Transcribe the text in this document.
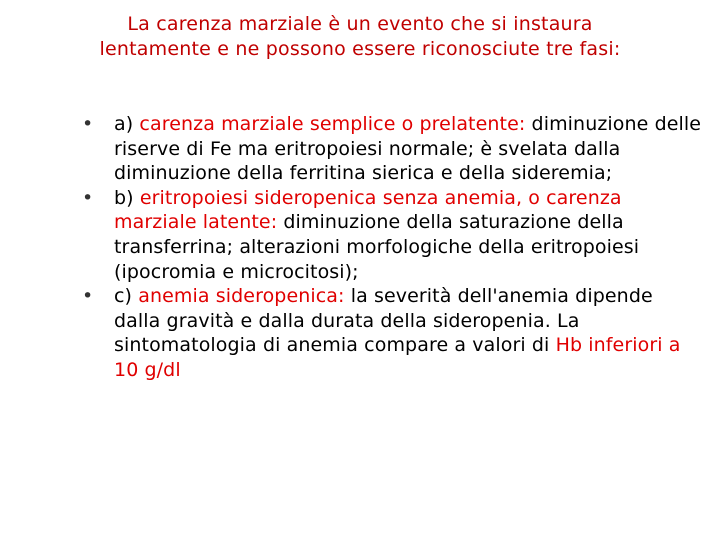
La carenza marziale è un evento che si instaura
lentamente e ne possono essere riconosciute tre fasi:
• a) carenza marziale semplice o prelatente: diminuzione delle riserve di Fe ma eritropoiesi normale; è svelata dalla diminuzione della ferritina sierica e della sideremia;
• b) eritropoiesi sideropenica senza anemia, o carenza marziale latente: diminuzione della saturazione della transferrina; alterazioni morfologiche della eritropoiesi (ipocromia e microcitosi);
• c) anemia sideropenica: la severità dell'anemia dipende dalla gravità e dalla durata della sideropenia. La sintomatologia di anemia compare a valori di Hb inferiori a 10 g/dl
